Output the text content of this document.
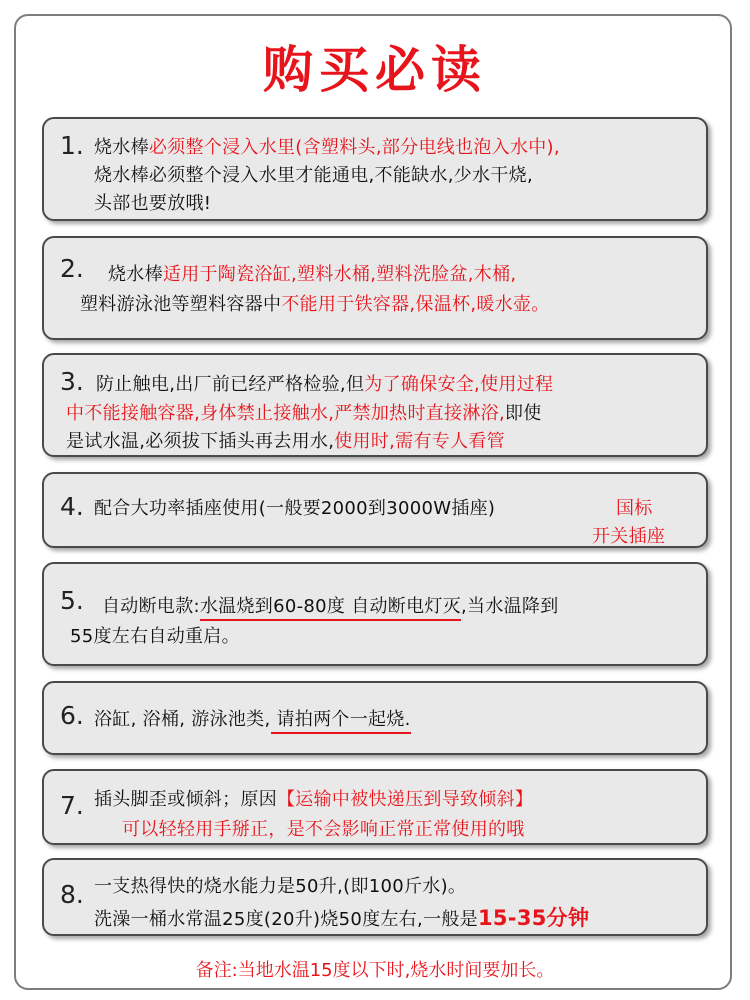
购买必读
1. 烧水棒必须整个浸入水里(含塑料头,部分电线也泡入水中),
烧水棒必须整个浸入水里才能通电,不能缺水,少水干烧,
头部也要放哦!
2. 烧水棒适用于陶瓷浴缸,塑料水桶,塑料洗脸盆,木桶,
塑料游泳池等塑料容器中不能用于铁容器,保温杯,暖水壶。
3. 防止触电,出厂前已经严格检验,但为了确保安全,使用过程
中不能接触容器,身体禁止接触水,严禁加热时直接淋浴,即使
是试水温,必须拔下插头再去用水,使用时,需有专人看管
4. 配合大功率插座使用(一般要2000到3000W插座)	国标
开关插座
5. 自动断电款:水温烧到60-80度 自动断电灯灭,当水温降到
55度左右自动重启。
6. 浴缸, 浴桶, 游泳池类, 请拍两个一起烧.
7. 插头脚歪或倾斜；原因【运输中被快递压到导致倾斜】
可以轻轻用手掰正，是不会影响正常正常使用的哦
8. 一支热得快的烧水能力是50升,(即100斤水)。
洗澡一桶水常温25度(20升)烧50度左右,一般是15-35分钟
备注:当地水温15度以下时,烧水时间要加长。
